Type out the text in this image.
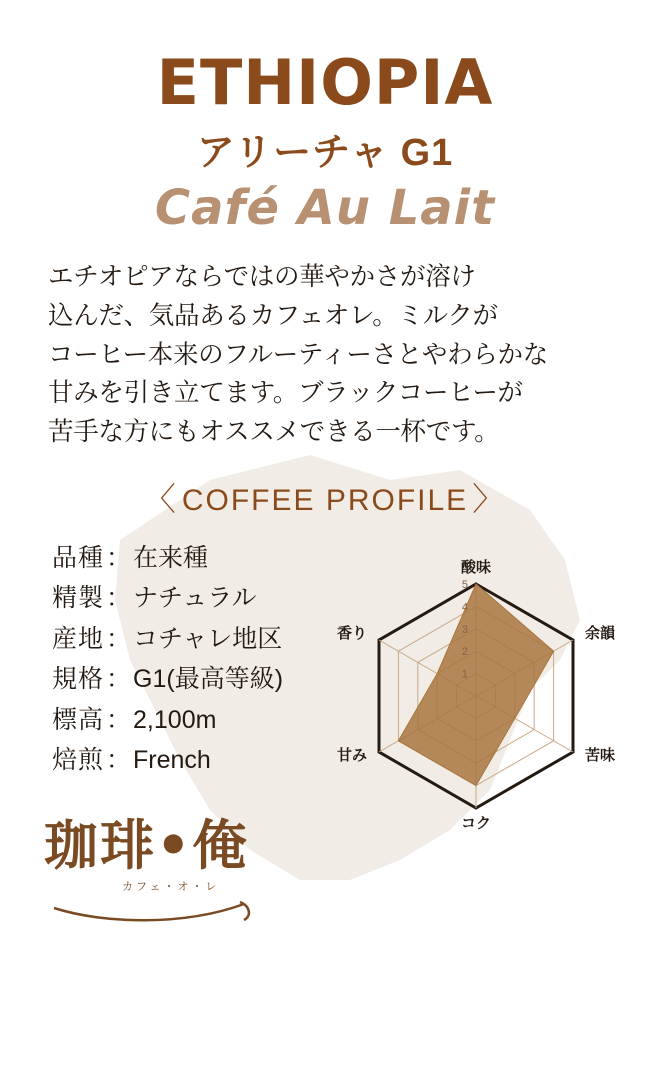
ETHIOPIA
アリーチャ G1
Café Au Lait
エチオピアならではの華やかさが溶け
込んだ、気品あるカフェオレ。ミルクが
コーヒー本来のフルーティーさとやわらかな
甘みを引き立てます。ブラックコーヒーが
苦手な方にもオススメできる一杯です。
〈 COFFEE PROFILE 〉
品種：在来種
精製：ナチュラル
産地：コチャレ地区
規格：G1(最高等級)
標高：2,100m
焙煎：French
1
2
3
4
5
酸味
余韻
苦味
コク
甘み
香り
珈琲•俺
カフェ・オ・レ
